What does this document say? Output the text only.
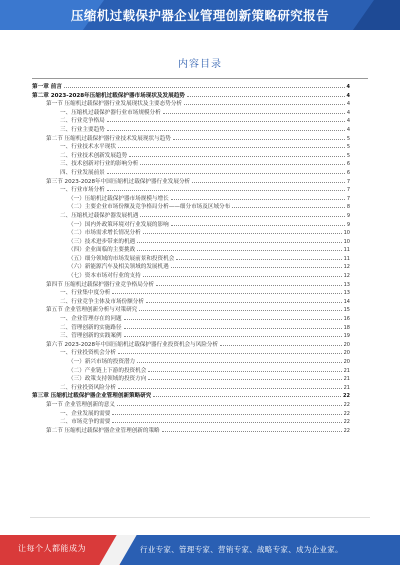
压缩机过载保护器企业管理创新策略研究报告
内容目录
第一章 前言	4
第二章 2023-2028年压缩机过载保护器市场现状及发展趋势	4
第一节 压缩机过载保护器行业发展现状及主要态势分析	4
一、压缩机过载保护器行业市场规模分析	4
二、行业竞争格局	4
三、行业主要趋势	4
第二节 压缩机过载保护器行业技术发展现状与趋势	5
一、行业技术水平现状	5
二、行业技术创新发展趋势	5
三、技术创新对行业的影响分析	6
四、行业发展前景	6
第三节 2023-2028年中国压缩机过载保护器行业发展分析	7
一、行业市场分析	7
（一）压缩机过载保护器市场规模与增长	7
（二）主要企业市场份额及竞争格局分析——细分市场及区域分布	8
二、压缩机过载保护器发展机遇	9
（一）国内外政策环境对行业发展的影响	9
（二）市场需求增长情况分析	10
（三）技术进步带来的机遇	10
（四）企业面临的主要挑战	11
（五）细分领域的市场发展前景和投资机会	11
（六）新能源汽车及相关领域的发展机遇	12
（七）资本市场对行业的支持	12
第四节 压缩机过载保护器行业竞争格局分析	13
一、行业集中度分析	13
二、行业竞争主体及市场份额分析	14
第五节 企业管理创新分析与对策研究	15
一、企业管理存在的问题	16
二、管理创新的实施路径	18
三、管理创新的实践案例	19
第六节 2023-2028年中国压缩机过载保护器行业投资机会与风险分析	20
一、行业投资机会分析	20
（一）新兴市场的投资潜力	20
（二）产业链上下游的投资机会	21
（三）政策支持领域的投资方向	21
二、行业投资风险分析	21
第三章 压缩机过载保护器企业管理创新策略研究	22
第一节 企业管理创新的意义	22
一、企业发展的需要	22
二、市场竞争的需要	22
第二节 压缩机过载保护器企业管理创新的策略	22
让每个人都能成为	行业专家、管理专家、营销专家、战略专家、成为企业家。
